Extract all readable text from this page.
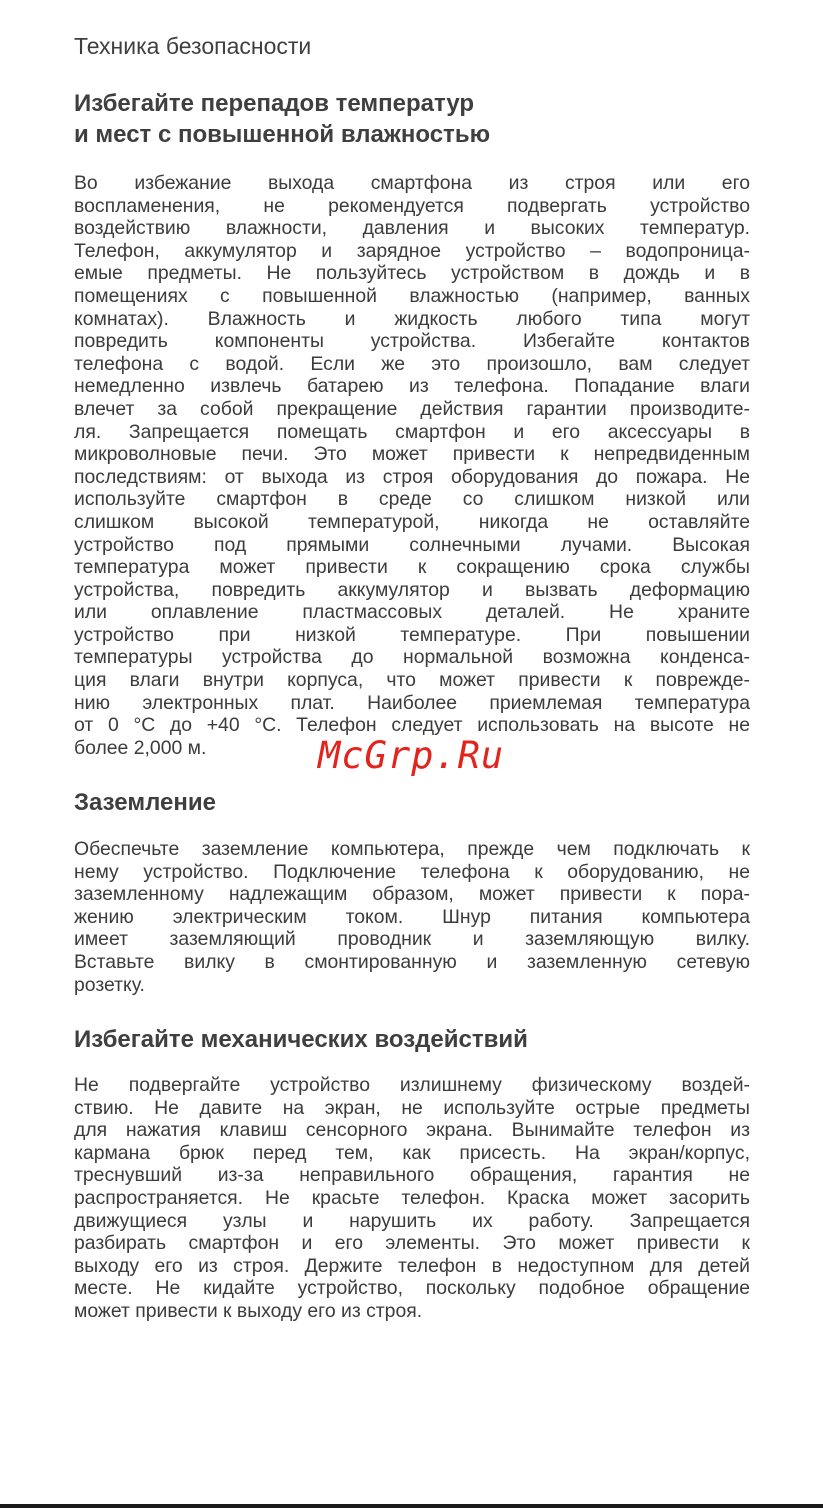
Техника безопасности
Избегайте перепадов температур
и мест с повышенной влажностью
Во избежание выхода смартфона из строя или его
воспламенения, не рекомендуется подвергать устройство
воздействию влажности, давления и высоких температур.
Телефон, аккумулятор и зарядное устройство – водопроница-
емые предметы. Не пользуйтесь устройством в дождь и в
помещениях с повышенной влажностью (например, ванных
комнатах). Влажность и жидкость любого типа могут
повредить компоненты устройства. Избегайте контактов
телефона с водой. Если же это произошло, вам следует
немедленно извлечь батарею из телефона. Попадание влаги
влечет за собой прекращение действия гарантии производите-
ля. Запрещается помещать смартфон и его аксессуары в
микроволновые печи. Это может привести к непредвиденным
последствиям: от выхода из строя оборудования до пожара. Не
используйте смартфон в среде со слишком низкой или
слишком высокой температурой, никогда не оставляйте
устройство под прямыми солнечными лучами. Высокая
температура может привести к сокращению срока службы
устройства, повредить аккумулятор и вызвать деформацию
или оплавление пластмассовых деталей. Не храните
устройство при низкой температуре. При повышении
температуры устройства до нормальной возможна конденса-
ция влаги внутри корпуса, что может привести к поврежде-
нию электронных плат. Наиболее приемлемая температура
от 0 °С до +40 °С. Телефон следует использовать на высоте не
более 2,000 м.	McGrp.Ru
Заземление
Обеспечьте заземление компьютера, прежде чем подключать к
нему устройство. Подключение телефона к оборудованию, не
заземленному надлежащим образом, может привести к пора-
жению электрическим током. Шнур питания компьютера
имеет заземляющий проводник и заземляющую вилку.
Вставьте вилку в смонтированную и заземленную сетевую
розетку.
Избегайте механических воздействий
Не подвергайте устройство излишнему физическому воздей-
ствию. Не давите на экран, не используйте острые предметы
для нажатия клавиш сенсорного экрана. Вынимайте телефон из
кармана брюк перед тем, как присесть. На экран/корпус,
треснувший из-за неправильного обращения, гарантия не
распространяется. Не красьте телефон. Краска может засорить
движущиеся узлы и нарушить их работу. Запрещается
разбирать смартфон и его элементы. Это может привести к
выходу его из строя. Держите телефон в недоступном для детей
месте. Не кидайте устройство, поскольку подобное обращение
может привести к выходу его из строя.
